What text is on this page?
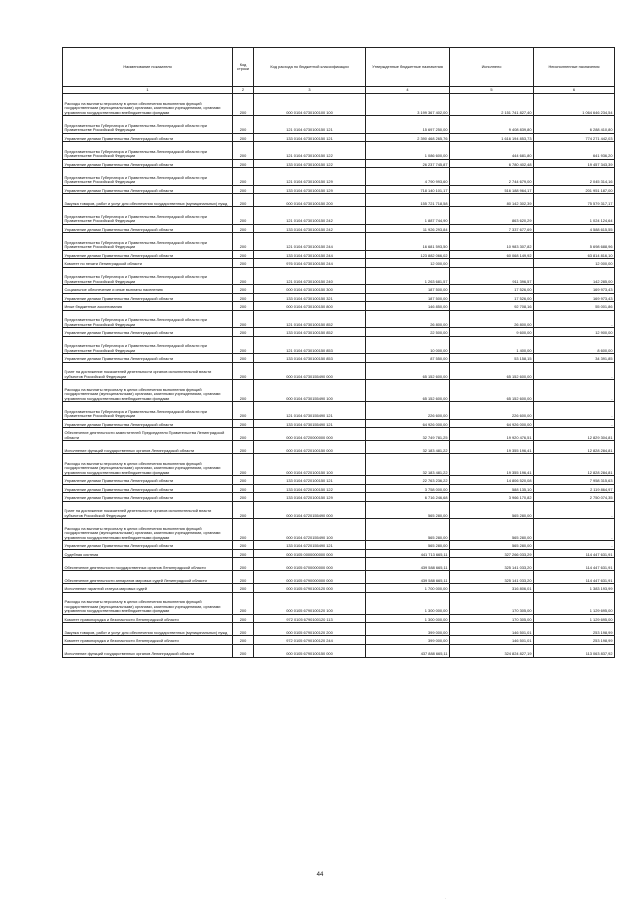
Наименование показателя	Код строки	Код расхода по бюджетной классификации	Утвержденные бюджетные назначения	Исполнено	Неисполненные назначения
1	2	3	4	5	6
Расходы на выплаты персоналу в целях обеспечения выполнения функций государственными (муниципальными) органами, казенными учреждениями, органами управления государственными внебюджетными фондами	200	000 0104 6730100100 100	3 199 367 402,00	2 151 741 827,40	1 064 646 234,54
Представительство Губернатора и Правительства Ленинградской области при Правительстве Российской Федерации	200	121 0104 6730100150 121	15 697 250,00	9 408 839,80	6 288 410,80
Управление делами Правительства Ленинградской области	200	133 0104 6730100150 121	2 390 468 265,76	1 616 194 853,73	774 271 442,03
Представительство Губернатора и Правительства Ленинградской области при Правительстве Российской Федерации	200	121 0104 6730100150 122	1 086 600,00	444 681,80	641 936,20
Управление делами Правительства Ленинградской области	200	133 0104 6730100150 122	26 237 745,87	6 780 402,48	19 457 343,39
Представительство Губернатора и Правительства Ленинградской области при Правительстве Российской Федерации	200	121 0104 6730100150 129	4 790 993,60	2 744 679,00	2 045 314,16
Управление делами Правительства Ленинградской области	200	133 0104 6730100150 129	718 140 101,17	516 188 964,17	201 951 187,00
Закупка товаров, работ и услуг для обеспечения государственных (муниципальных) нужд	200	000 0104 6730100150 200	155 721 718,58	80 142 302,39	75 579 317,17
Представительство Губернатора и Правительства Ленинградской области при Правительстве Российской Федерации	200	121 0104 6730100150 242	1 887 744,90	863 620,29	1 024 124,64
Управление делами Правительства Ленинградской области	200	133 0104 6730100150 242	11 926 293,84	7 337 677,69	4 588 615,55
Представительство Губернатора и Правительства Ленинградской области при Правительстве Российской Федерации	200	121 0104 6730100150 244	16 681 593,50	10 983 307,82	5 698 688,96
Управление делами Правительства Ленинградской области	200	133 0104 6730100150 244	123 882 066,02	60 068 149,92	63 814 816,10
Комитет по печати Ленинградской области	200	976 0104 6730100150 244	12 000,00		12 000,00
Представительство Губернатора и Правительства Ленинградской области при Правительстве Российской Федерации	200	121 0104 6730100150 240	1 263 681,57	911 396,57	142 285,00
Социальное обеспечение и иные выплаты населению	200	000 0104 6730100150 300	187 500,00	17 526,00	169 973,43
Управление делами Правительства Ленинградской области	200	133 0104 6730100150 321	187 500,00	17 526,00	169 973,43
Иные бюджетные ассигнования	200	000 0104 6730100150 800	146 850,00	92 708,16	55 001,86
Представительство Губернатора и Правительства Ленинградской области при Правительстве Российской Федерации	200	121 0104 6730100150 852	26 800,00	26 800,00	-
Управление делами Правительства Ленинградской области	200	133 0104 6730100150 852	22 500,00	9 600,00	12 900,00
Представительство Губернатора и Правительства Ленинградской области при Правительстве Российской Федерации	200	121 0104 6730100150 853	10 000,00	1 400,00	8 600,00
Управление делами Правительства Ленинградской области	200	133 0104 6730100150 853	87 550,00	53 158,15	34 391,85
Грант на достижение показателей деятельности органов исполнительной власти субъектов Российской Федерации	200	000 0104 6730155490 000	65 152 600,00	65 152 600,00	-
Расходы на выплаты персоналу в целях обеспечения выполнения функций государственными (муниципальными) органами, казенными учреждениями, органами управления государственными внебюджетными фондами	200	000 0104 6730155490 100	65 152 600,00	65 152 600,00	-
Представительство Губернатора и Правительства Ленинградской области при Правительстве Российской Федерации	200	121 0104 6730155490 121	226 600,00	226 600,00	-
Управление делами Правительства Ленинградской области	200	133 0104 6730155490 121	64 926 000,00	64 926 000,00	-
Обеспечение деятельности заместителей Председателя Правительства Ленинградской области	200	000 0104 6720000000 000	32 749 781,25	19 920 476,51	12 829 304,81
Исполнение функций государственных органов Ленинградской области	200	000 0104 6720100150 000	32 183 481,22	19 355 196,41	12 828 284,81
Расходы на выплаты персоналу в целях обеспечения выполнения функций государственными (муниципальными) органами, казенными учреждениями, органами управления государственными внебюджетными фондами	200	000 0104 6720100150 100	32 183 481,22	19 355 196,41	12 828 284,81
Управление делами Правительства Ленинградской области	200	133 0104 6720100150 121	22 763 236,22	14 806 520,08	7 958 315,63
Управление делами Правительства Ленинградской области	200	133 0104 6720100150 122	3 758 000,00	588 135,10	2 119 864,97
Управление делами Правительства Ленинградской области	200	133 0104 6720100150 129	6 716 246,68	3 966 170,82	2 750 074,35
Грант на достижение показателей деятельности органов исполнительной власти субъектов Российской Федерации	200	000 0104 6720155490 000	565 280,00	565 280,00	-
Расходы на выплаты персоналу в целях обеспечения выполнения функций государственными (муниципальными) органами, казенными учреждениями, органами управления государственными внебюджетными фондами	200	000 0104 6720155490 100	565 280,00	565 280,00	-
Управление делами Правительства Ленинградской области	200	133 0104 6720155490 121	565 280,00	565 280,00	-
Судебная система	200	000 0105 0000000000 000	441 713 665,11	327 266 033,29	114 447 631,91
Обеспечение деятельности государственных органов Ленинградской области	200	000 0105 6700000000 000	439 588 665,11	325 141 033,20	114 447 631,91
Обеспечение деятельности аппаратов мировых судей Ленинградской области	200	000 0105 6790000000 000	439 588 665,11	325 141 033,20	114 447 631,91
Исполнение гарантий статуса мировых судей	200	000 0105 6790100120 000	1 700 000,00	316 806,01	1 383 193,99
Расходы на выплаты персоналу в целях обеспечения выполнения функций государственными (муниципальными) органами, казенными учреждениями, органами управления государственными внебюджетными фондами	200	000 0105 6790100120 100	1 300 000,00	170 305,00	1 129 695,00
Комитет правопорядка и безопасности Ленинградской области	200	972 0105 6790100120 113	1 300 000,00	170 305,00	1 129 695,00
Закупка товаров, работ и услуг для обеспечения государственных (муниципальных) нужд	200	000 0105 6790100120 200	399 000,00	146 501,01	253 198,99
Комитет правопорядка и безопасности Ленинградской области	200	972 0105 6790100120 244	399 000,00	146 501,01	253 198,99
Исполнение функций государственных органов Ленинградской области	200	000 0105 6790100150 000	437 888 665,11	324 824 827,19	113 063 837,92
44
.
